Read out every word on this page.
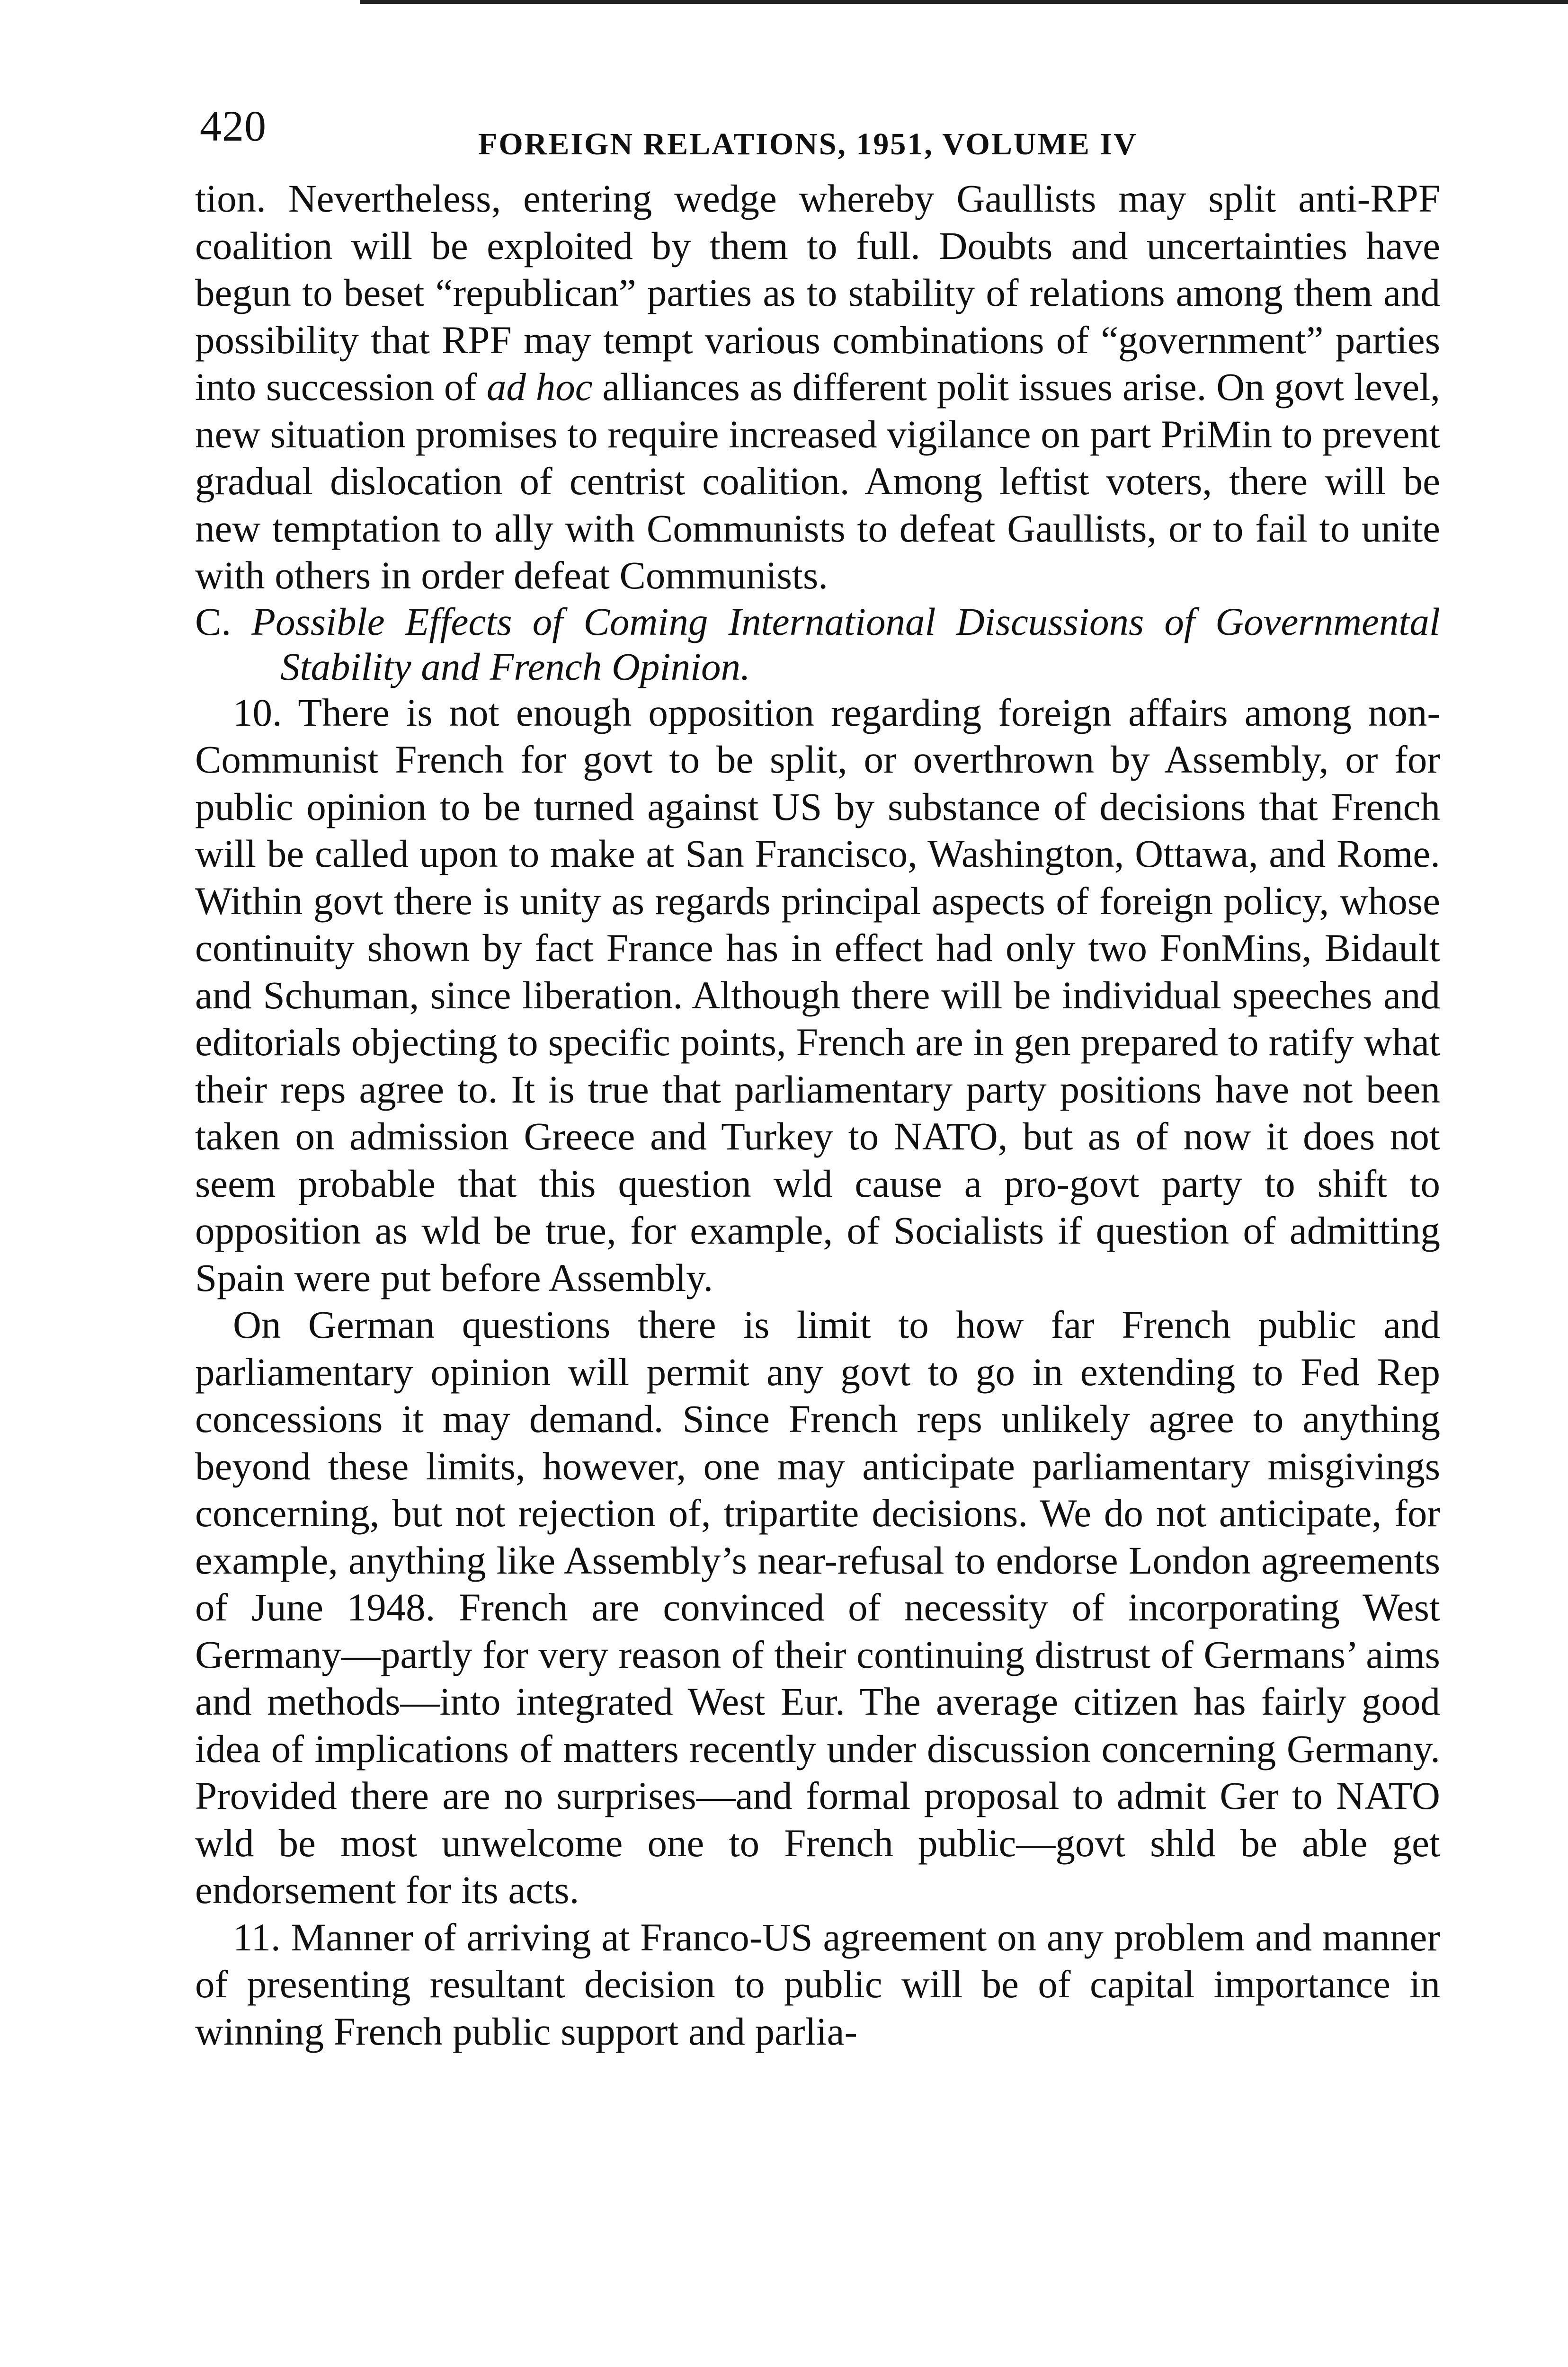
420	FOREIGN RELATIONS, 1951, VOLUME IV

tion. Nevertheless, entering wedge whereby Gaullists may split anti-RPF coalition will be exploited by them to full. Doubts and uncertainties have begun to beset “republican” parties as to stability of relations among them and possibility that RPF may tempt various combinations of “government” parties into succession of ad hoc alliances as different polit issues arise. On govt level, new situation promises to require increased vigilance on part PriMin to prevent gradual dislocation of centrist coalition. Among leftist voters, there will be new temptation to ally with Communists to defeat Gaullists, or to fail to unite with others in order defeat Communists.

C. Possible Effects of Coming International Discussions of Governmental Stability and French Opinion.

10. There is not enough opposition regarding foreign affairs among non-Communist French for govt to be split, or overthrown by Assembly, or for public opinion to be turned against US by substance of decisions that French will be called upon to make at San Francisco, Washington, Ottawa, and Rome. Within govt there is unity as regards principal aspects of foreign policy, whose continuity shown by fact France has in effect had only two FonMins, Bidault and Schuman, since liberation. Although there will be individual speeches and editorials objecting to specific points, French are in gen prepared to ratify what their reps agree to. It is true that parliamentary party positions have not been taken on admission Greece and Turkey to NATO, but as of now it does not seem probable that this question wld cause a pro-govt party to shift to opposition as wld be true, for example, of Socialists if question of admitting Spain were put before Assembly.

On German questions there is limit to how far French public and parliamentary opinion will permit any govt to go in extending to Fed Rep concessions it may demand. Since French reps unlikely agree to anything beyond these limits, however, one may anticipate parliamentary misgivings concerning, but not rejection of, tripartite decisions. We do not anticipate, for example, anything like Assembly’s near-refusal to endorse London agreements of June 1948. French are convinced of necessity of incorporating West Germany—partly for very reason of their continuing distrust of Germans’ aims and methods—into integrated West Eur. The average citizen has fairly good idea of implications of matters recently under discussion concerning Germany. Provided there are no surprises—and formal proposal to admit Ger to NATO wld be most unwelcome one to French public—govt shld be able get endorsement for its acts.

11. Manner of arriving at Franco-US agreement on any problem and manner of presenting resultant decision to public will be of capital importance in winning French public support and parlia-
